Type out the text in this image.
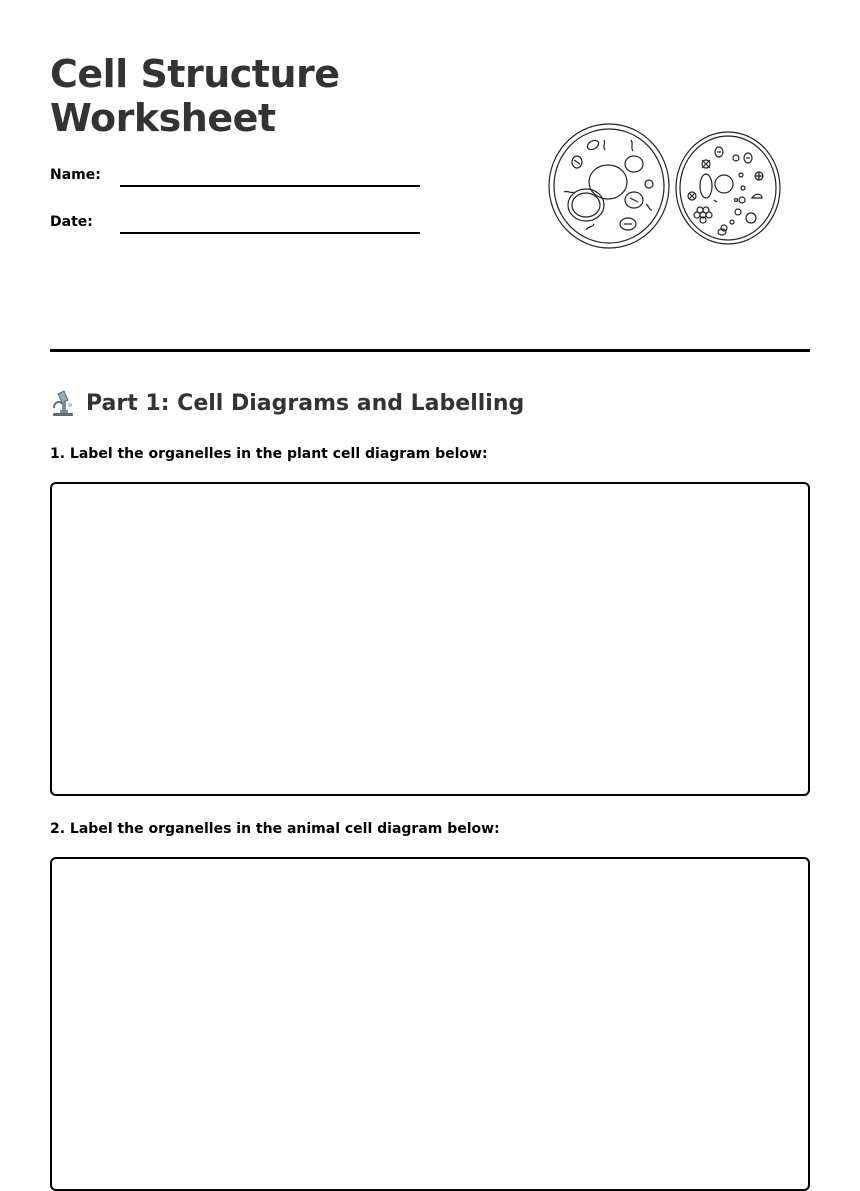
Cell Structure Worksheet
Name:
Date:
Part 1: Cell Diagrams and Labelling

1. Label the organelles in the plant cell diagram below:

2. Label the organelles in the animal cell diagram below:
